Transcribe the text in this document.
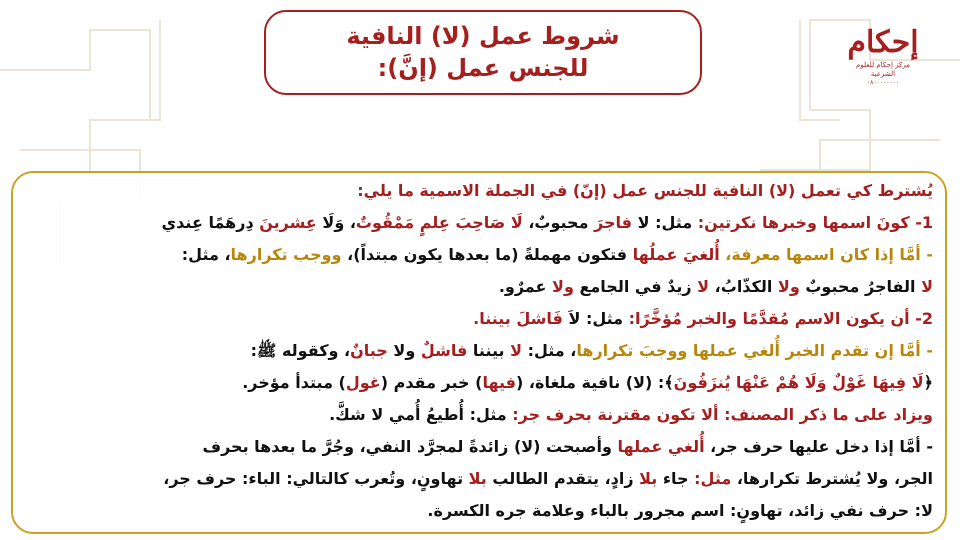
شروط عمل (لا) النافية
للجنس عمل (إنَّ):
إحكام
مركز إحكام للعلوم الشرعية
٠٨٠٠٠٠٠٠٠٠
يُشترط كي تعمل (لا) النافية للجنس عمل (إنّ) في الجملة الاسمية ما يلي:
1- كونَ اسمها وخبرها نكرتين: مثل: لا فاجرَ محبوبٌ، لَا صَاحِبَ عِلمٍ مَمْقُوتٌ، وَلَا عِشرينَ دِرهَمًا عِندي
- أمَّا إذا كان اسمها معرفة، أُلغيَ عملُها فتكون مهملةً (ما بعدها يكون مبتداً)، ووجب تكرارها، مثل:
لا الفاجرُ محبوبٌ ولا الكذّابُ، لا زيدٌ في الجامع ولا عمرٌو.
2- أن يكون الاسم مُقدَّمًا والخبر مُؤخَّرًا: مثل: لاَ فَاشلَ بيننا.
- أمَّا إن تقدم الخبر أُلغي عملها ووجبَ تكرارها، مثل: لا بيننا فاشلٌ ولا جبانٌ، وكقوله ﷺ:
﴿لَا فِيهَا غَوْلٌ وَلَا هُمْ عَنْهَا يُنزَفُونَ﴾: (لا) نافية ملغاة، (فيها) خبر مقدم (غول) مبتدأ مؤخر.
ويزاد على ما ذكر المصنف: ألا تكون مقترنة بحرف جر: مثل: أُطيعُ أُمي لا شكَّ.
- أمَّا إذا دخل عليها حرف جر، أُلغي عملها وأصبحت (لا) زائدةً لمجرَّد النفي، وجُرَّ ما بعدها بحرف
الجر، ولا يُشترط تكرارها، مثل: جاء بلا زادٍ، يتقدم الطالب بلا تهاونٍ، وتُعرب كالتالي: الباء: حرف جر،
لا: حرف نفي زائد، تهاونٍ: اسم مجرور بالباء وعلامة جره الكسرة.
